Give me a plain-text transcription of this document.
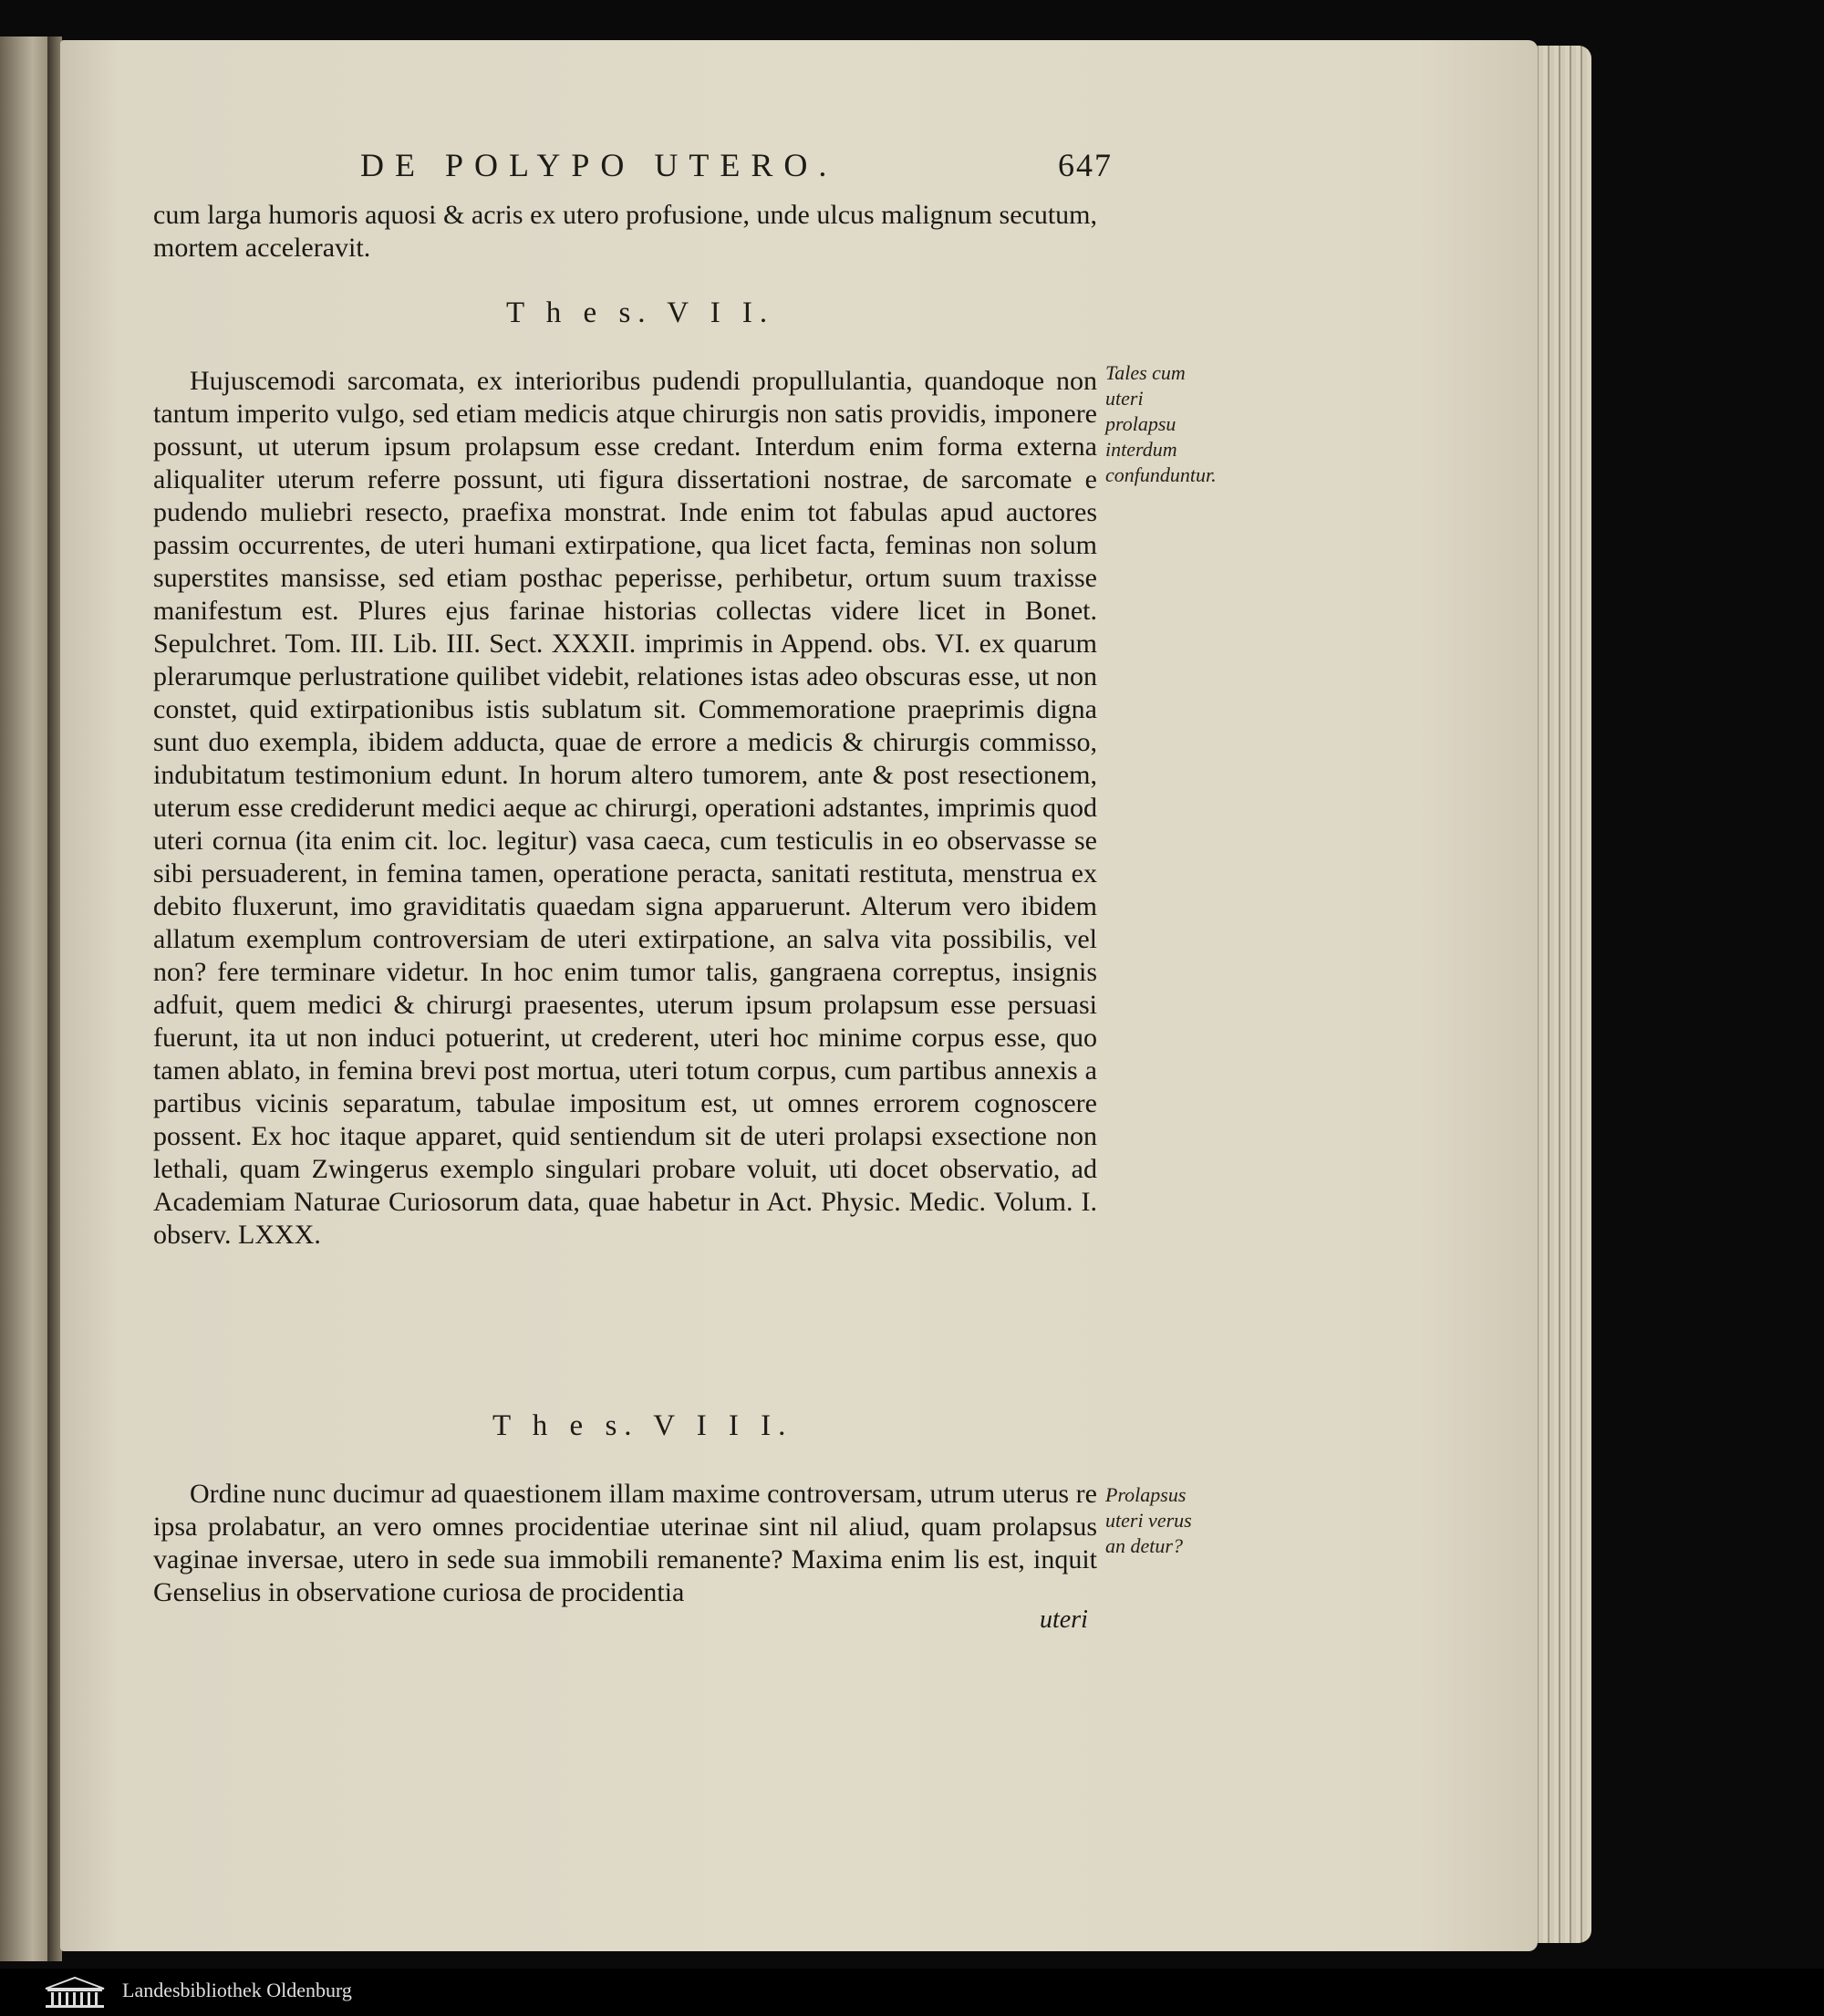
DE POLYPO UTERO.	647

cum larga humoris aquosi & acris ex utero profusione, unde ulcus malignum secutum, mortem acceleravit.

T h e s. V I I.

Hujuscemodi sarcomata, ex interioribus pudendi propullulantia, quandoque non tantum imperito vulgo, sed etiam medicis atque chirurgis non satis providis, imponere possunt, ut uterum ipsum prolapsum esse credant. Interdum enim forma externa aliqualiter uterum referre possunt, uti figura dissertationi nostrae, de sarcomate e pudendo muliebri resecto, praefixa monstrat. Inde enim tot fabulas apud auctores passim occurrentes, de uteri humani extirpatione, qua licet facta, feminas non solum superstites mansisse, sed etiam posthac peperisse, perhibetur, ortum suum traxisse manifestum est. Plures ejus farinae historias collectas videre licet in Bonet. Sepulchret. Tom. III. Lib. III. Sect. XXXII. imprimis in Append. obs. VI. ex quarum plerarumque perlustratione quilibet videbit, relationes istas adeo obscuras esse, ut non constet, quid extirpationibus istis sublatum sit. Commemoratione praeprimis digna sunt duo exempla, ibidem adducta, quae de errore a medicis & chirurgis commisso, indubitatum testimonium edunt. In horum altero tumorem, ante & post resectionem, uterum esse crediderunt medici aeque ac chirurgi, operationi adstantes, imprimis quod uteri cornua (ita enim cit. loc. legitur) vasa caeca, cum testiculis in eo observasse se sibi persuaderent, in femina tamen, operatione peracta, sanitati restituta, menstrua ex debito fluxerunt, imo graviditatis quaedam signa apparuerunt. Alterum vero ibidem allatum exemplum controversiam de uteri extirpatione, an salva vita possibilis, vel non? fere terminare videtur. In hoc enim tumor talis, gangraena correptus, insignis adfuit, quem medici & chirurgi praesentes, uterum ipsum prolapsum esse persuasi fuerunt, ita ut non induci potuerint, ut crederent, uteri hoc minime corpus esse, quo tamen ablato, in femina brevi post mortua, uteri totum corpus, cum partibus annexis a partibus vicinis separatum, tabulae impositum est, ut omnes errorem cognoscere possent. Ex hoc itaque apparet, quid sentiendum sit de uteri prolapsi exsectione non lethali, quam Zwingerus exemplo singulari probare voluit, uti docet observatio, ad Academiam Naturae Curiosorum data, quae habetur in Act. Physic. Medic. Volum. I. observ. LXXX.

Tales cum uteri prolapsu interdum confunduntur.
T h e s. V I I I.

Ordine nunc ducimur ad quaestionem illam maxime controversam, utrum uterus re ipsa prolabatur, an vero omnes procidentiae uterinae sint nil aliud, quam prolapsus vaginae inversae, utero in sede sua immobili remanente? Maxima enim lis est, inquit Genselius in observatione curiosa de procidentia

Prolapsus uteri verus an detur?
uteri
Landesbibliothek Oldenburg
